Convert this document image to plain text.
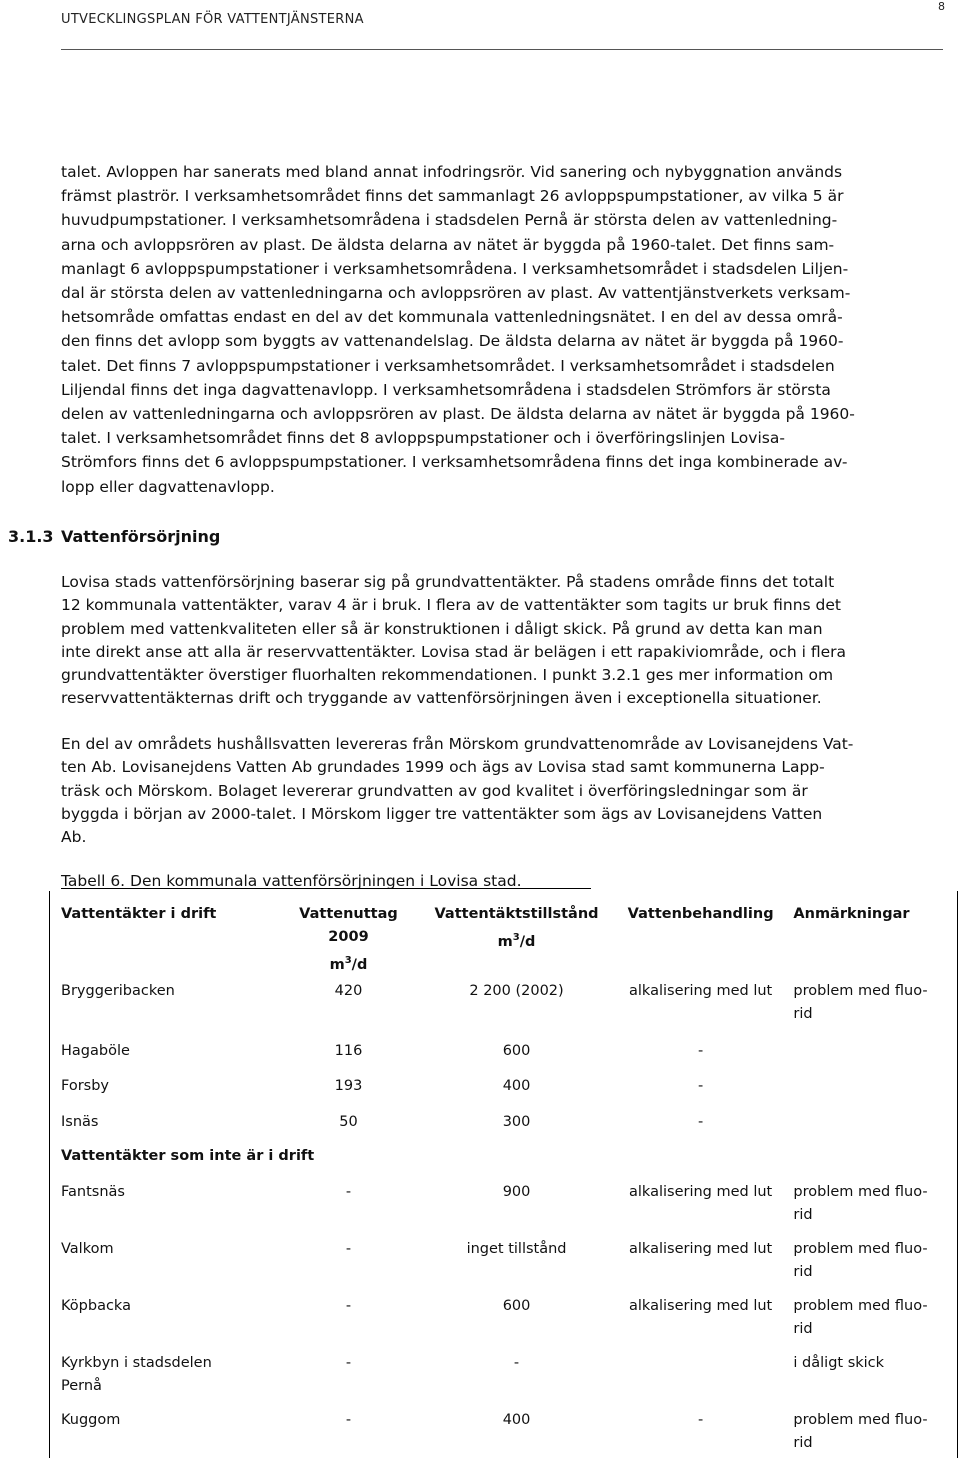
UTVECKLINGSPLAN FÖR VATTENTJÄNSTERNA
8
talet. Avloppen har sanerats med bland annat infodringsrör. Vid sanering och nybyggnation används
främst plaströr. I verksamhetsområdet finns det sammanlagt 26 avloppspumpstationer, av vilka 5 är
huvudpumpstationer. I verksamhetsområdena i stadsdelen Pernå är största delen av vattenledning-
arna och avloppsrören av plast. De äldsta delarna av nätet är byggda på 1960-talet. Det finns sam-
manlagt 6 avloppspumpstationer i verksamhetsområdena. I verksamhetsområdet i stadsdelen Liljen-
dal är största delen av vattenledningarna och avloppsrören av plast. Av vattentjänstverkets verksam-
hetsområde omfattas endast en del av det kommunala vattenledningsnätet. I en del av dessa områ-
den finns det avlopp som byggts av vattenandelslag. De äldsta delarna av nätet är byggda på 1960-
talet. Det finns 7 avloppspumpstationer i verksamhetsområdet. I verksamhetsområdet i stadsdelen
Liljendal finns det inga dagvattenavlopp. I verksamhetsområdena i stadsdelen Strömfors är största
delen av vattenledningarna och avloppsrören av plast. De äldsta delarna av nätet är byggda på 1960-
talet. I verksamhetsområdet finns det 8 avloppspumpstationer och i överföringslinjen Lovisa-
Strömfors finns det 6 avloppspumpstationer. I verksamhetsområdena finns det inga kombinerade av-
lopp eller dagvattenavlopp.
3.1.3 Vattenförsörjning
Lovisa stads vattenförsörjning baserar sig på grundvattentäkter. På stadens område finns det totalt
12 kommunala vattentäkter, varav 4 är i bruk. I flera av de vattentäkter som tagits ur bruk finns det
problem med vattenkvaliteten eller så är konstruktionen i dåligt skick. På grund av detta kan man
inte direkt anse att alla är reservvattentäkter. Lovisa stad är belägen i ett rapakiviområde, och i flera
grundvattentäkter överstiger fluorhalten rekommendationen. I punkt 3.2.1 ges mer information om
reservvattentäkternas drift och tryggande av vattenförsörjningen även i exceptionella situationer.
En del av områdets hushållsvatten levereras från Mörskom grundvattenområde av Lovisanejdens Vat-
ten Ab. Lovisanejdens Vatten Ab grundades 1999 och ägs av Lovisa stad samt kommunerna Lapp-
träsk och Mörskom. Bolaget levererar grundvatten av god kvalitet i överföringsledningar som är
byggda i början av 2000-talet. I Mörskom ligger tre vattentäkter som ägs av Lovisanejdens Vatten
Ab.
Tabell 6. Den kommunala vattenförsörjningen i Lovisa stad.
Vattentäkter i drift	Vattenuttag
2009
$m^3/d$	Vattentäktstillstånd
$m^3/d$	Vattenbehandling	Anmärkningar
Bryggeribacken	420	2 200 (2002)	alkalisering med lut	problem med fluo-
rid
Hagaböle	116	600	-	
Forsby	193	400	-	
Isnäs	50	300	-	
Vattentäkter som inte är i drift				
Fantsnäs	-	900	alkalisering med lut	problem med fluo-
rid
Valkom	-	inget tillstånd	alkalisering med lut	problem med fluo-
rid
Köpbacka	-	600	alkalisering med lut	problem med fluo-
rid
Kyrkbyn i stadsdelen
Pernå	-	-		i dåligt skick
Kuggom	-	400	-	problem med fluo-
rid
